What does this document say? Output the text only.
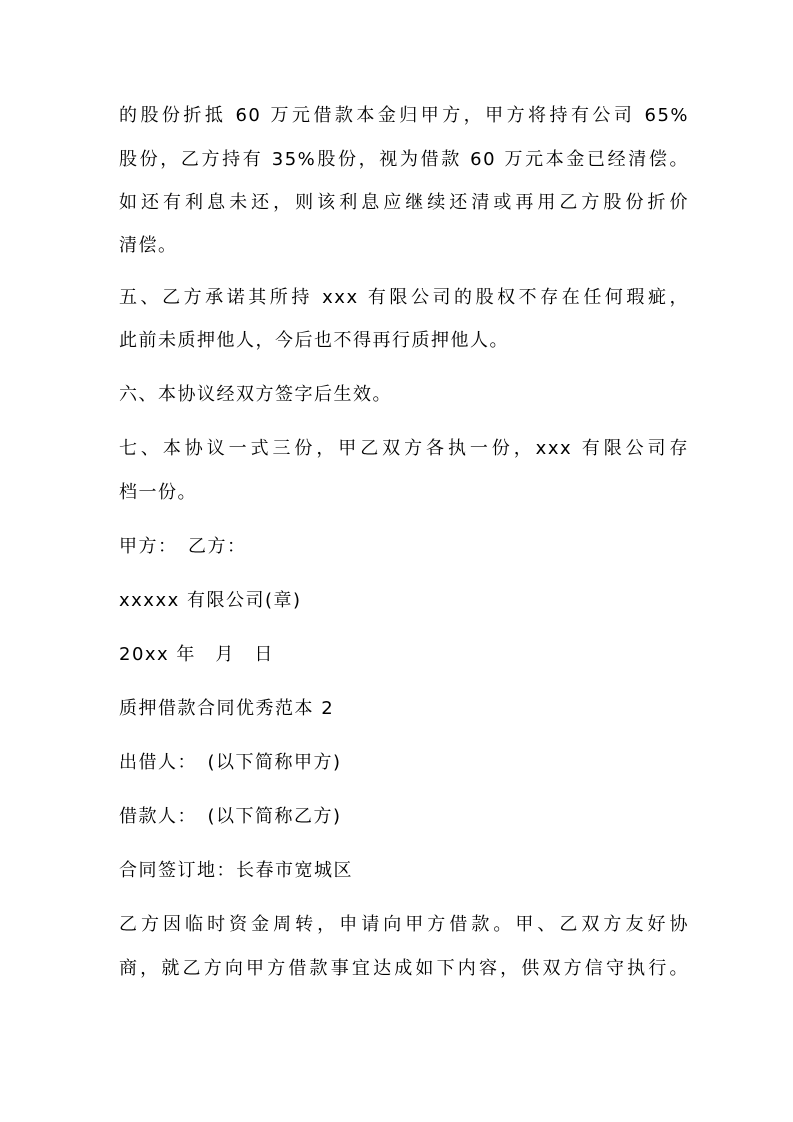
的股份折抵 60 万元借款本金归甲方，甲方将持有公司 65%
股份，乙方持有 35%股份，视为借款 60 万元本金已经清偿。
如还有利息未还，则该利息应继续还清或再用乙方股份折价
清偿。
五、乙方承诺其所持 xxx 有限公司的股权不存在任何瑕疵，
此前未质押他人，今后也不得再行质押他人。
六、本协议经双方签字后生效。
七、本协议一式三份，甲乙双方各执一份，xxx 有限公司存
档一份。
甲方：　乙方：
xxxxx 有限公司(章)
20xx 年　月　日
质押借款合同优秀范本 2
出借人：　(以下简称甲方)
借款人：　(以下简称乙方)
合同签订地：长春市宽城区
乙方因临时资金周转，申请向甲方借款。甲、乙双方友好协
商，就乙方向甲方借款事宜达成如下内容，供双方信守执行。
